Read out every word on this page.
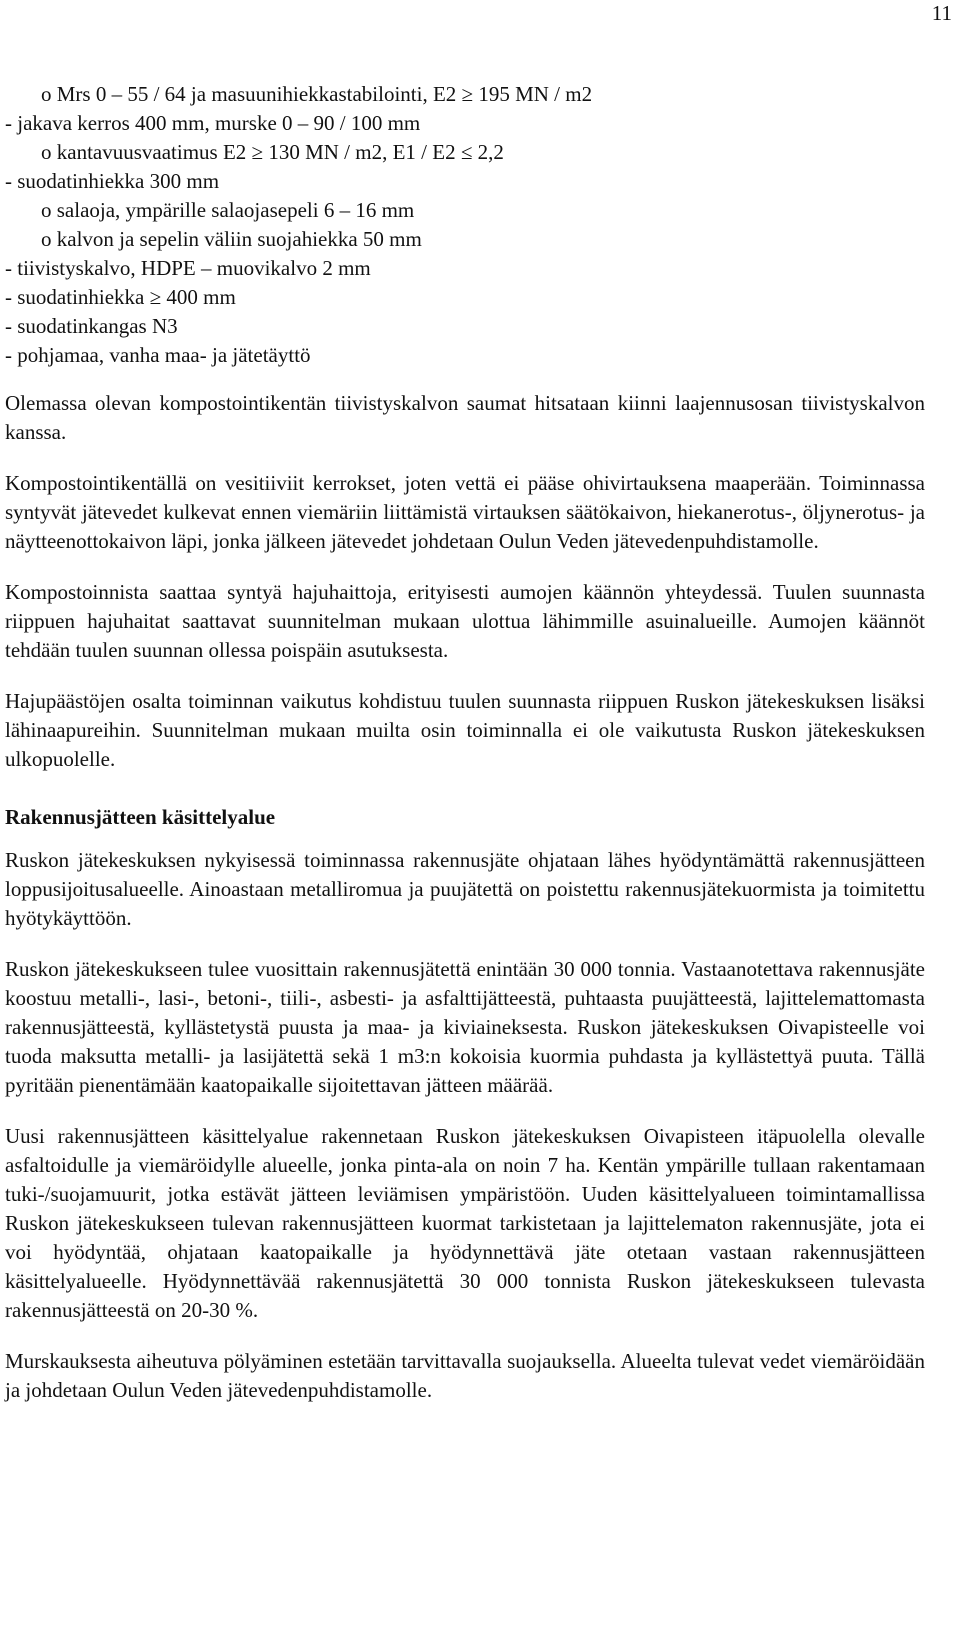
11
o Mrs 0 – 55 / 64 ja masuunihiekkastabilointi, E2 ≥ 195 MN / m2
- jakava kerros 400 mm, murske 0 – 90 / 100 mm
o kantavuusvaatimus E2 ≥ 130 MN / m2, E1 / E2 ≤ 2,2
- suodatinhiekka 300 mm
o salaoja, ympärille salaojasepeli 6 – 16 mm
o kalvon ja sepelin väliin suojahiekka 50 mm
- tiivistyskalvo, HDPE – muovikalvo 2 mm
- suodatinhiekka ≥ 400 mm
- suodatinkangas N3
- pohjamaa, vanha maa- ja jätetäyttö

Olemassa olevan kompostointikentän tiivistyskalvon saumat hitsataan kiinni laajennusosan tiivistyskalvon kanssa.

Kompostointikentällä on vesitiiviit kerrokset, joten vettä ei pääse ohivirtauksena maaperään. Toiminnassa syntyvät jätevedet kulkevat ennen viemäriin liittämistä virtauksen säätökaivon, hiekanerotus-, öljynerotus- ja näytteenottokaivon läpi, jonka jälkeen jätevedet johdetaan Oulun Veden jätevedenpuhdistamolle.

Kompostoinnista saattaa syntyä hajuhaittoja, erityisesti aumojen käännön yhteydessä. Tuulen suunnasta riippuen hajuhaitat saattavat suunnitelman mukaan ulottua lähimmille asuinalueille. Aumojen käännöt tehdään tuulen suunnan ollessa poispäin asutuksesta.

Hajupäästöjen osalta toiminnan vaikutus kohdistuu tuulen suunnasta riippuen Ruskon jätekeskuksen lisäksi lähinaapureihin. Suunnitelman mukaan muilta osin toiminnalla ei ole vaikutusta Ruskon jätekeskuksen ulkopuolelle.

Rakennusjätteen käsittelyalue

Ruskon jätekeskuksen nykyisessä toiminnassa rakennusjäte ohjataan lähes hyödyntämättä rakennusjätteen loppusijoitusalueelle. Ainoastaan metalliromua ja puujätettä on poistettu rakennusjätekuormista ja toimitettu hyötykäyttöön.

Ruskon jätekeskukseen tulee vuosittain rakennusjätettä enintään 30 000 tonnia. Vastaanotettava rakennusjäte koostuu metalli-, lasi-, betoni-, tiili-, asbesti- ja asfalttijätteestä, puhtaasta puujätteestä, lajittelemattomasta rakennusjätteestä, kyllästetystä puusta ja maa- ja kiviaineksesta. Ruskon jätekeskuksen Oivapisteelle voi tuoda maksutta metalli- ja lasijätettä sekä 1 m3:n kokoisia kuormia puhdasta ja kyllästettyä puuta. Tällä pyritään pienentämään kaatopaikalle sijoitettavan jätteen määrää.

Uusi rakennusjätteen käsittelyalue rakennetaan Ruskon jätekeskuksen Oivapisteen itäpuolella olevalle asfaltoidulle ja viemäröidylle alueelle, jonka pinta-ala on noin 7 ha. Kentän ympärille tullaan rakentamaan tuki-/suojamuurit, jotka estävät jätteen leviämisen ympäristöön. Uuden käsittelyalueen toimintamallissa Ruskon jätekeskukseen tulevan rakennusjätteen kuormat tarkistetaan ja lajittelematon rakennusjäte, jota ei voi hyödyntää, ohjataan kaatopaikalle ja hyödynnettävä jäte otetaan vastaan rakennusjätteen käsittelyalueelle. Hyödynnettävää rakennusjätettä 30 000 tonnista Ruskon jätekeskukseen tulevasta rakennusjätteestä on 20-30 %.

Murskauksesta aiheutuva pölyäminen estetään tarvittavalla suojauksella. Alueelta tulevat vedet viemäröidään ja johdetaan Oulun Veden jätevedenpuhdistamolle.
